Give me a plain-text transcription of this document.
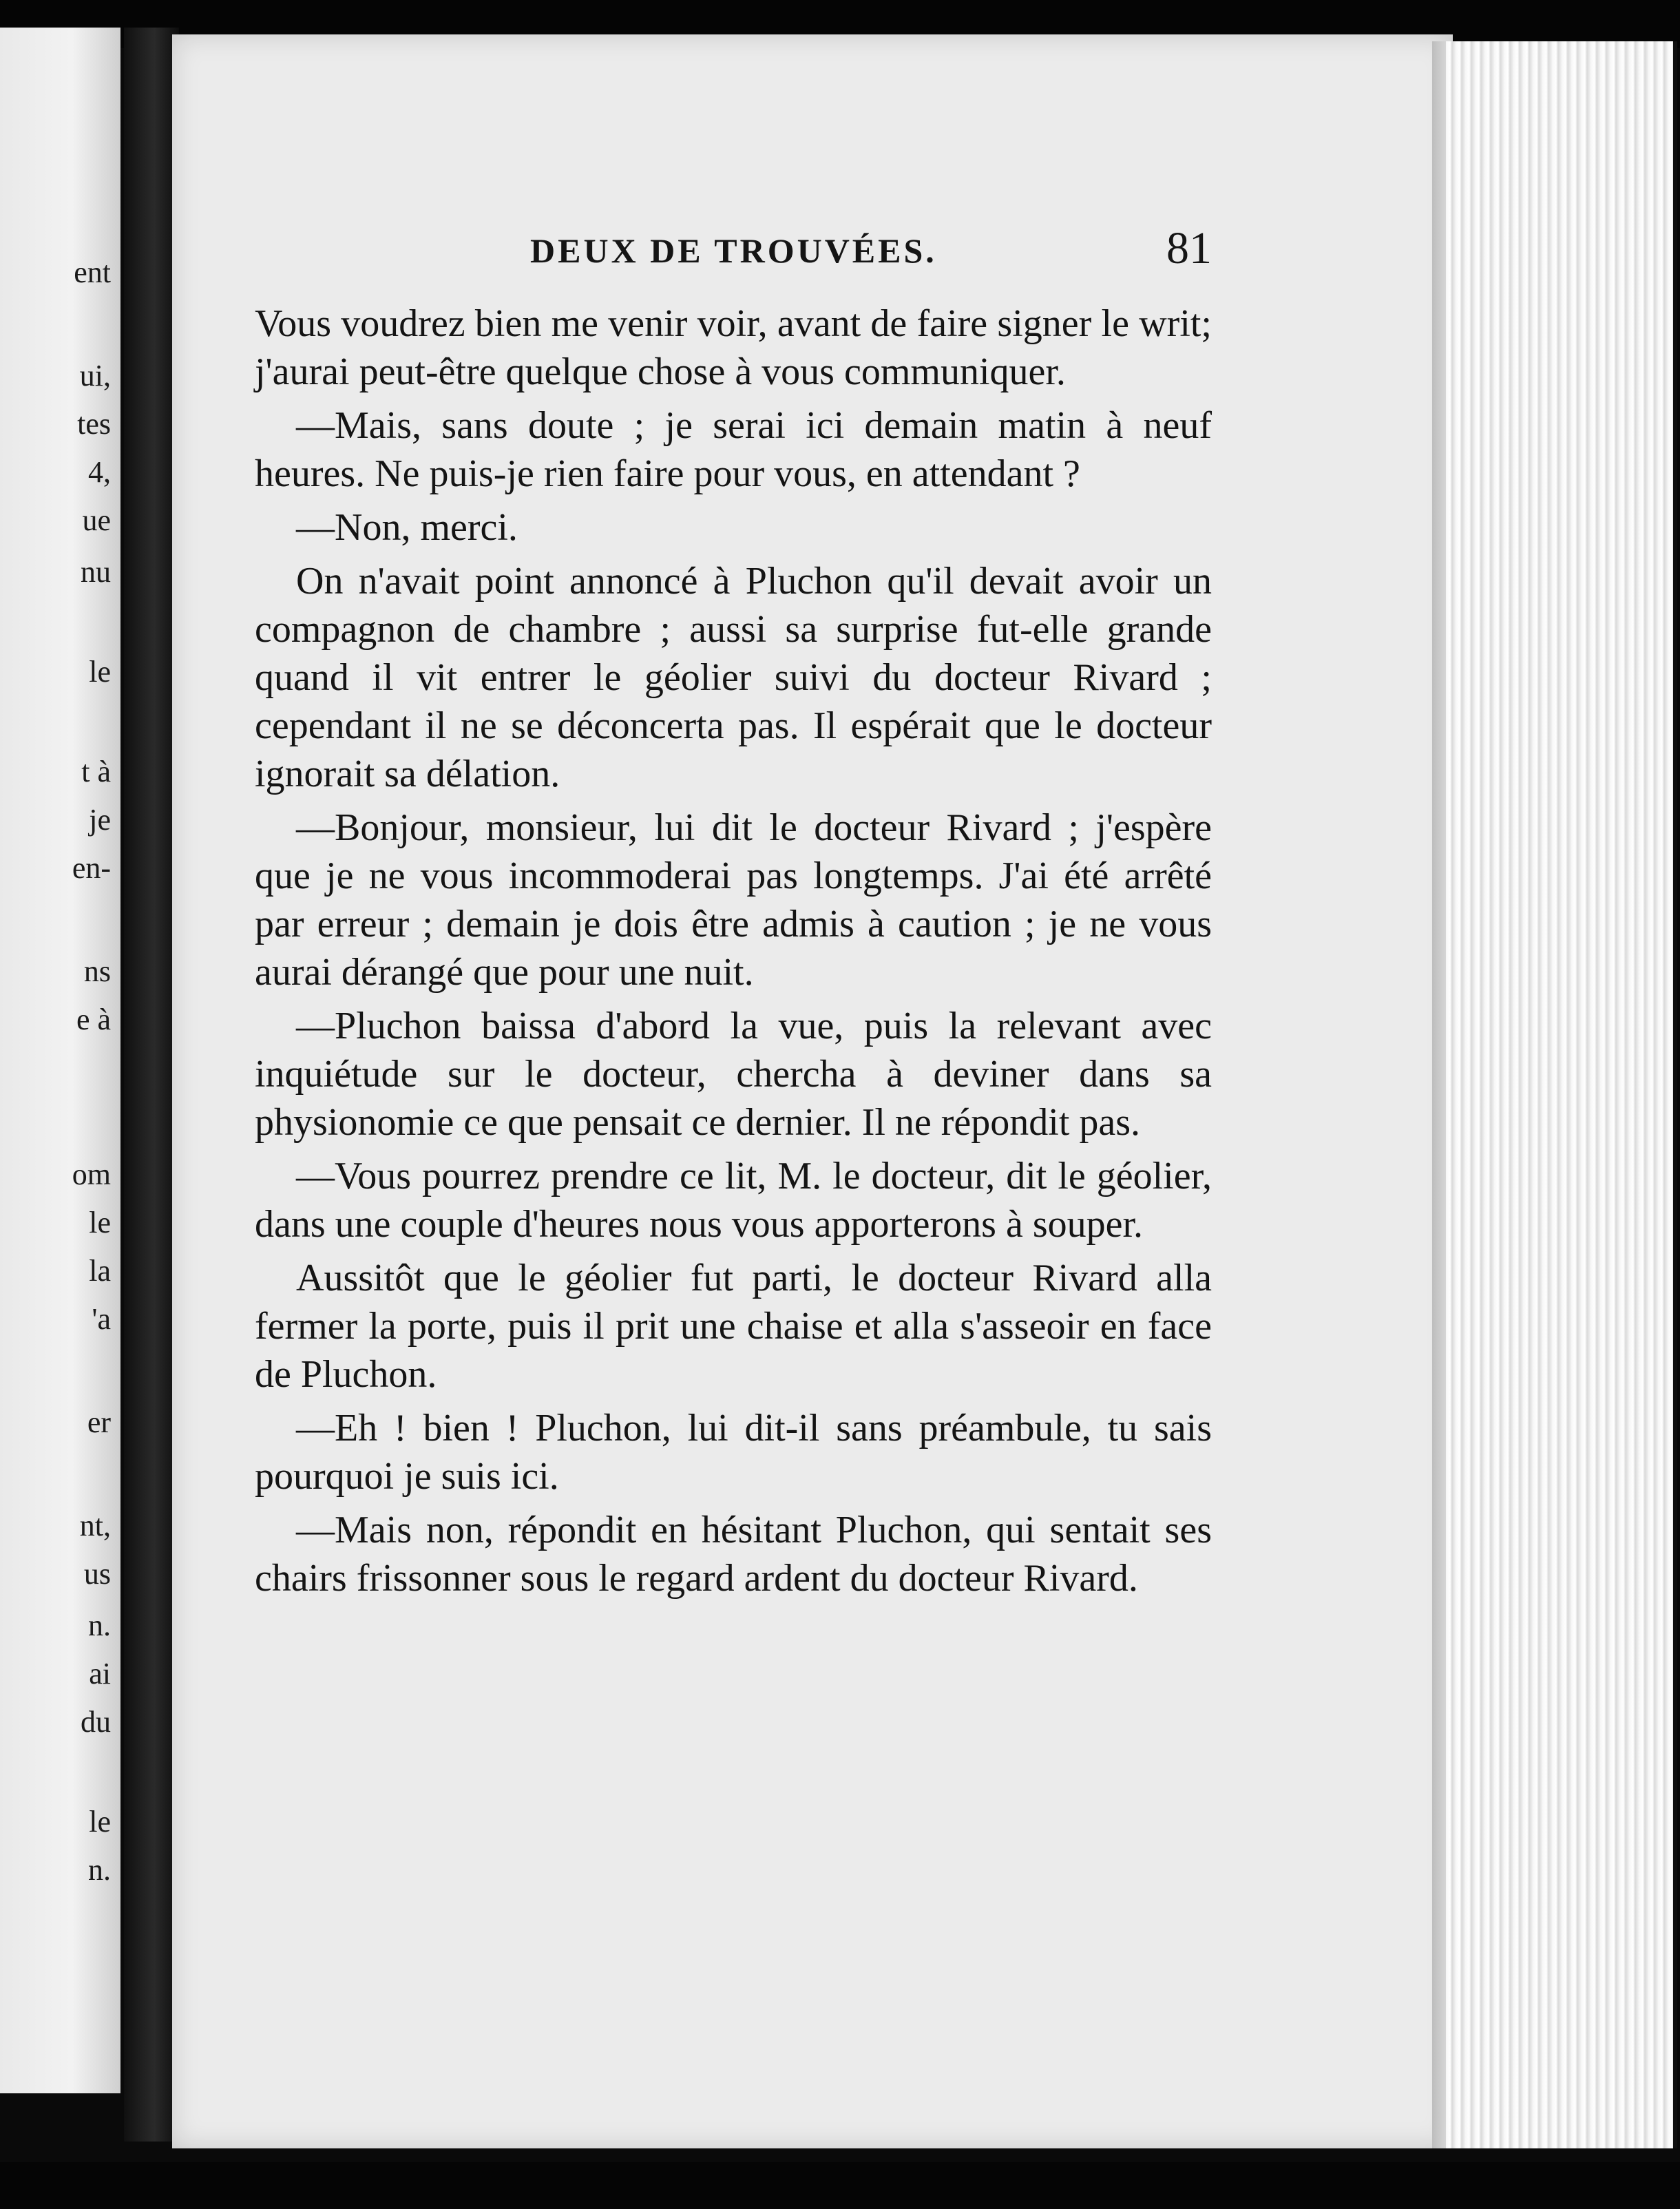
ent
ui,
tes
4,
ue
nu
le
t à
je
en-
ns
e à
om
le
la
'a
er
nt,
us
n.
ai
du
le
n.
DEUX DE TROUVÉES.	81

Vous voudrez bien me venir voir, avant de faire signer le writ; j'aurai peut-être quelque chose à vous communiquer.

—Mais, sans doute ; je serai ici demain matin à neuf heures. Ne puis-je rien faire pour vous, en attendant ?

—Non, merci.

On n'avait point annoncé à Pluchon qu'il devait avoir un compagnon de chambre ; aussi sa surprise fut-elle grande quand il vit entrer le géolier suivi du docteur Rivard ; cependant il ne se déconcerta pas. Il espérait que le docteur ignorait sa délation.

—Bonjour, monsieur, lui dit le docteur Rivard ; j'espère que je ne vous incommoderai pas longtemps. J'ai été arrêté par erreur ; demain je dois être admis à caution ; je ne vous aurai dérangé que pour une nuit.

—Pluchon baissa d'abord la vue, puis la relevant avec inquiétude sur le docteur, chercha à deviner dans sa physionomie ce que pensait ce dernier. Il ne répondit pas.

—Vous pourrez prendre ce lit, M. le docteur, dit le géolier, dans une couple d'heures nous vous apporterons à souper.

Aussitôt que le géolier fut parti, le docteur Rivard alla fermer la porte, puis il prit une chaise et alla s'asseoir en face de Pluchon.

—Eh ! bien ! Pluchon, lui dit-il sans préambule, tu sais pourquoi je suis ici.

—Mais non, répondit en hésitant Pluchon, qui sentait ses chairs frissonner sous le regard ardent du docteur Rivard.
